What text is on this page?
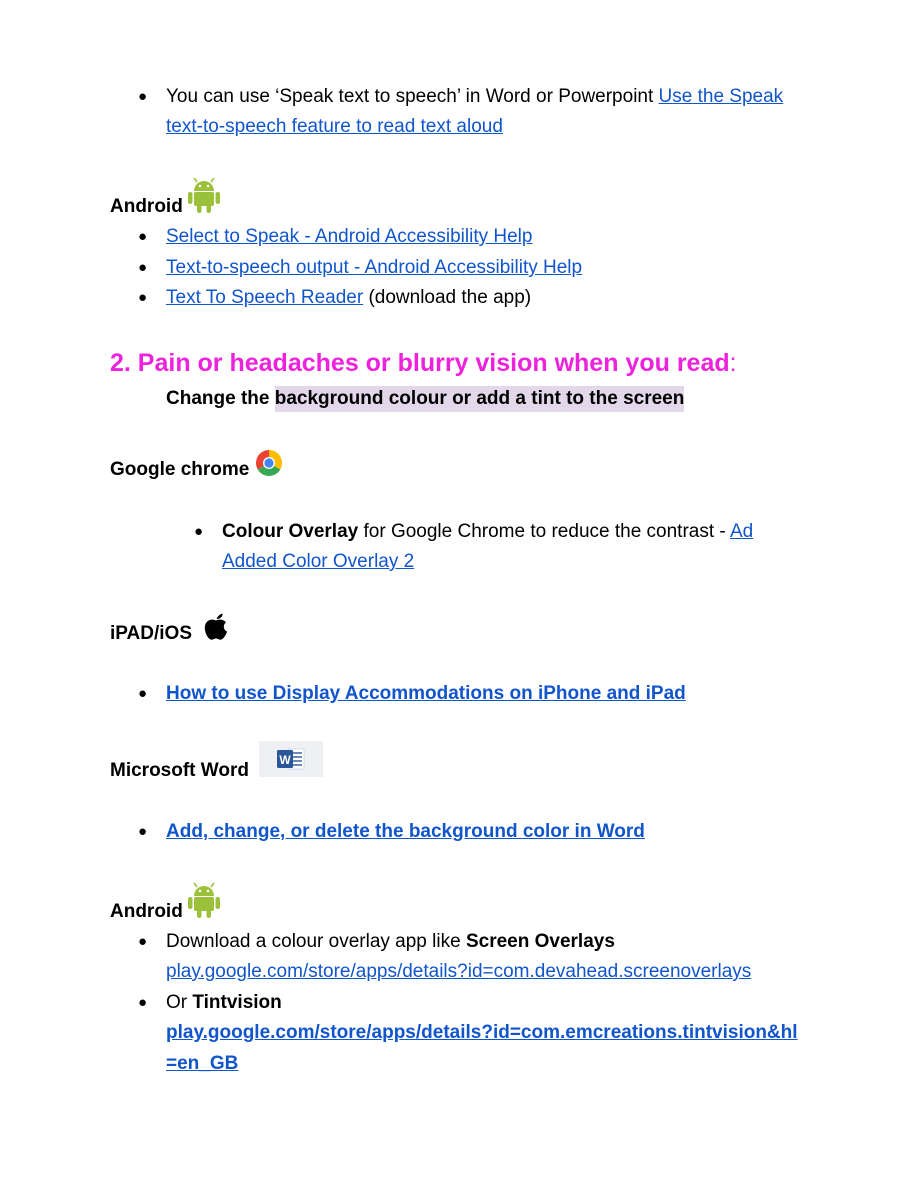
● You can use ‘Speak text to speech’ in Word or Powerpoint Use the Speak
text-to-speech feature to read text aloud
Android
● Select to Speak - Android Accessibility Help
● Text-to-speech output - Android Accessibility Help
● Text To Speech Reader (download the app)
2. Pain or headaches or blurry vision when you read:
Change the background colour or add a tint to the screen
Google chrome
● Colour Overlay for Google Chrome to reduce the contrast - Ad
Added Color Overlay 2
iPAD/iOS
● How to use Display Accommodations on iPhone and iPad
Microsoft Word	W
● Add, change, or delete the background color in Word
Android
● Download a colour overlay app like Screen Overlays
play.google.com/store/apps/details?id=com.devahead.screenoverlays
● Or Tintvision
play.google.com/store/apps/details?id=com.emcreations.tintvision&hl
=en_GB
